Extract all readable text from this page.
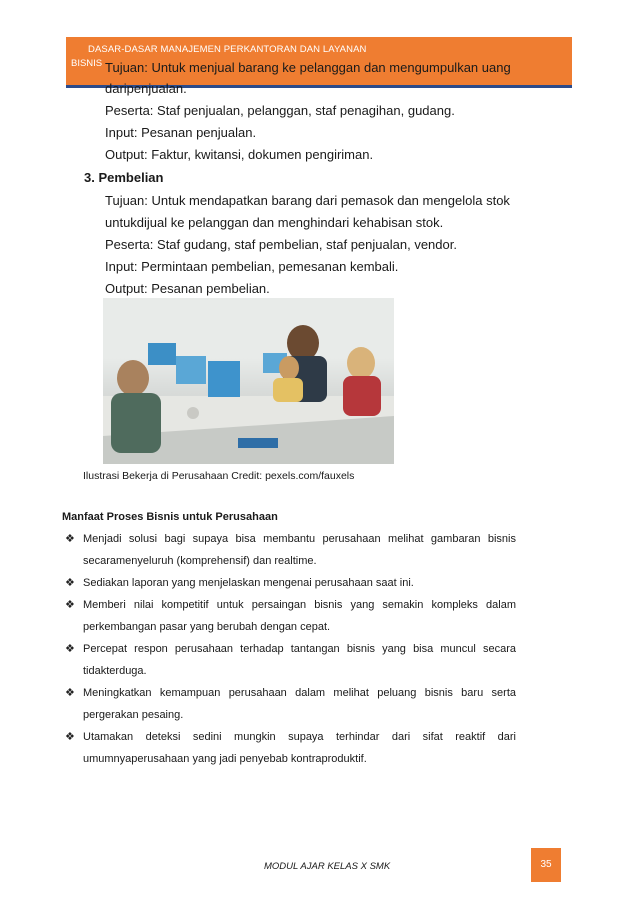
DASAR-DASAR MANAJEMEN PERKANTORAN DAN LAYANAN
BISNIS Tujuan: Untuk menjual barang ke pelanggan dan mengumpulkan uang
daripenjualan.
Peserta: Staf penjualan, pelanggan, staf penagihan, gudang.
Input: Pesanan penjualan.
Output: Faktur, kwitansi, dokumen pengiriman.
3. Pembelian
Tujuan: Untuk mendapatkan barang dari pemasok dan mengelola stok
untukdijual ke pelanggan dan menghindari kehabisan stok.
Peserta: Staf gudang, staf pembelian, staf penjualan, vendor.
Input: Permintaan pembelian, pemesanan kembali.
Output: Pesanan pembelian.
Ilustrasi Bekerja di Perusahaan Credit: pexels.com/fauxels
Manfaat Proses Bisnis untuk Perusahaan
❖ Menjadi solusi bagi supaya bisa membantu perusahaan melihat gambaran bisnis
secaramenyeluruh (komprehensif) dan realtime.
❖ Sediakan laporan yang menjelaskan mengenai perusahaan saat ini.
❖ Memberi nilai kompetitif untuk persaingan bisnis yang semakin kompleks dalam
perkembangan pasar yang berubah dengan cepat.
❖ Percepat respon perusahaan terhadap tantangan bisnis yang bisa muncul secara
tidakterduga.
❖ Meningkatkan kemampuan perusahaan dalam melihat peluang bisnis baru serta
pergerakan pesaing.
❖ Utamakan deteksi sedini mungkin supaya terhindar dari sifat reaktif dari
umumnyaperusahaan yang jadi penyebab kontraproduktif.
MODUL AJAR KELAS X SMK	35
